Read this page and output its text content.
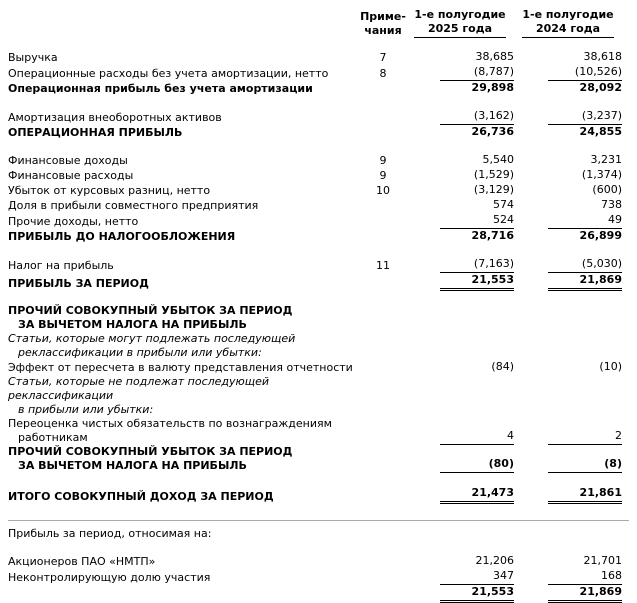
Приме-
чания
1-е полугодие
2025 года
1-е полугодие
2024 года
Выручка	7	38,685	38,618
Операционные расходы без учета амортизации, нетто	8	(8,787)	(10,526)
Операционная прибыль без учета амортизации	29,898	28,092
Амортизация внеоборотных активов	(3,162)	(3,237)
ОПЕРАЦИОННАЯ ПРИБЫЛЬ	26,736	24,855
Финансовые доходы	9	5,540	3,231
Финансовые расходы	9	(1,529)	(1,374)
Убыток от курсовых разниц, нетто	10	(3,129)	(600)
Доля в прибыли совместного предприятия	574	738
Прочие доходы, нетто	524	49
ПРИБЫЛЬ ДО НАЛОГООБЛОЖЕНИЯ	28,716	26,899
Налог на прибыль	11	(7,163)	(5,030)
ПРИБЫЛЬ ЗА ПЕРИОД	21,553	21,869
ПРОЧИЙ СОВОКУПНЫЙ УБЫТОК ЗА ПЕРИОД
ЗА ВЫЧЕТОМ НАЛОГА НА ПРИБЫЛЬ
Статьи, которые могут подлежать последующей
реклассификации в прибыли или убытки:
Эффект от пересчета в валюту представления отчетности	(84)	(10)
Статьи, которые не подлежат последующей реклассификации
в прибыли или убытки:
Переоценка чистых обязательств по вознаграждениям
работникам	4	2
ПРОЧИЙ СОВОКУПНЫЙ УБЫТОК ЗА ПЕРИОД
ЗА ВЫЧЕТОМ НАЛОГА НА ПРИБЫЛЬ	(80)	(8)
ИТОГО СОВОКУПНЫЙ ДОХОД ЗА ПЕРИОД	21,473	21,861
Прибыль за период, относимая на:
Акционеров ПАО «НМТП»	21,206	21,701
Неконтролирующую долю участия	347	168
21,553	21,869
